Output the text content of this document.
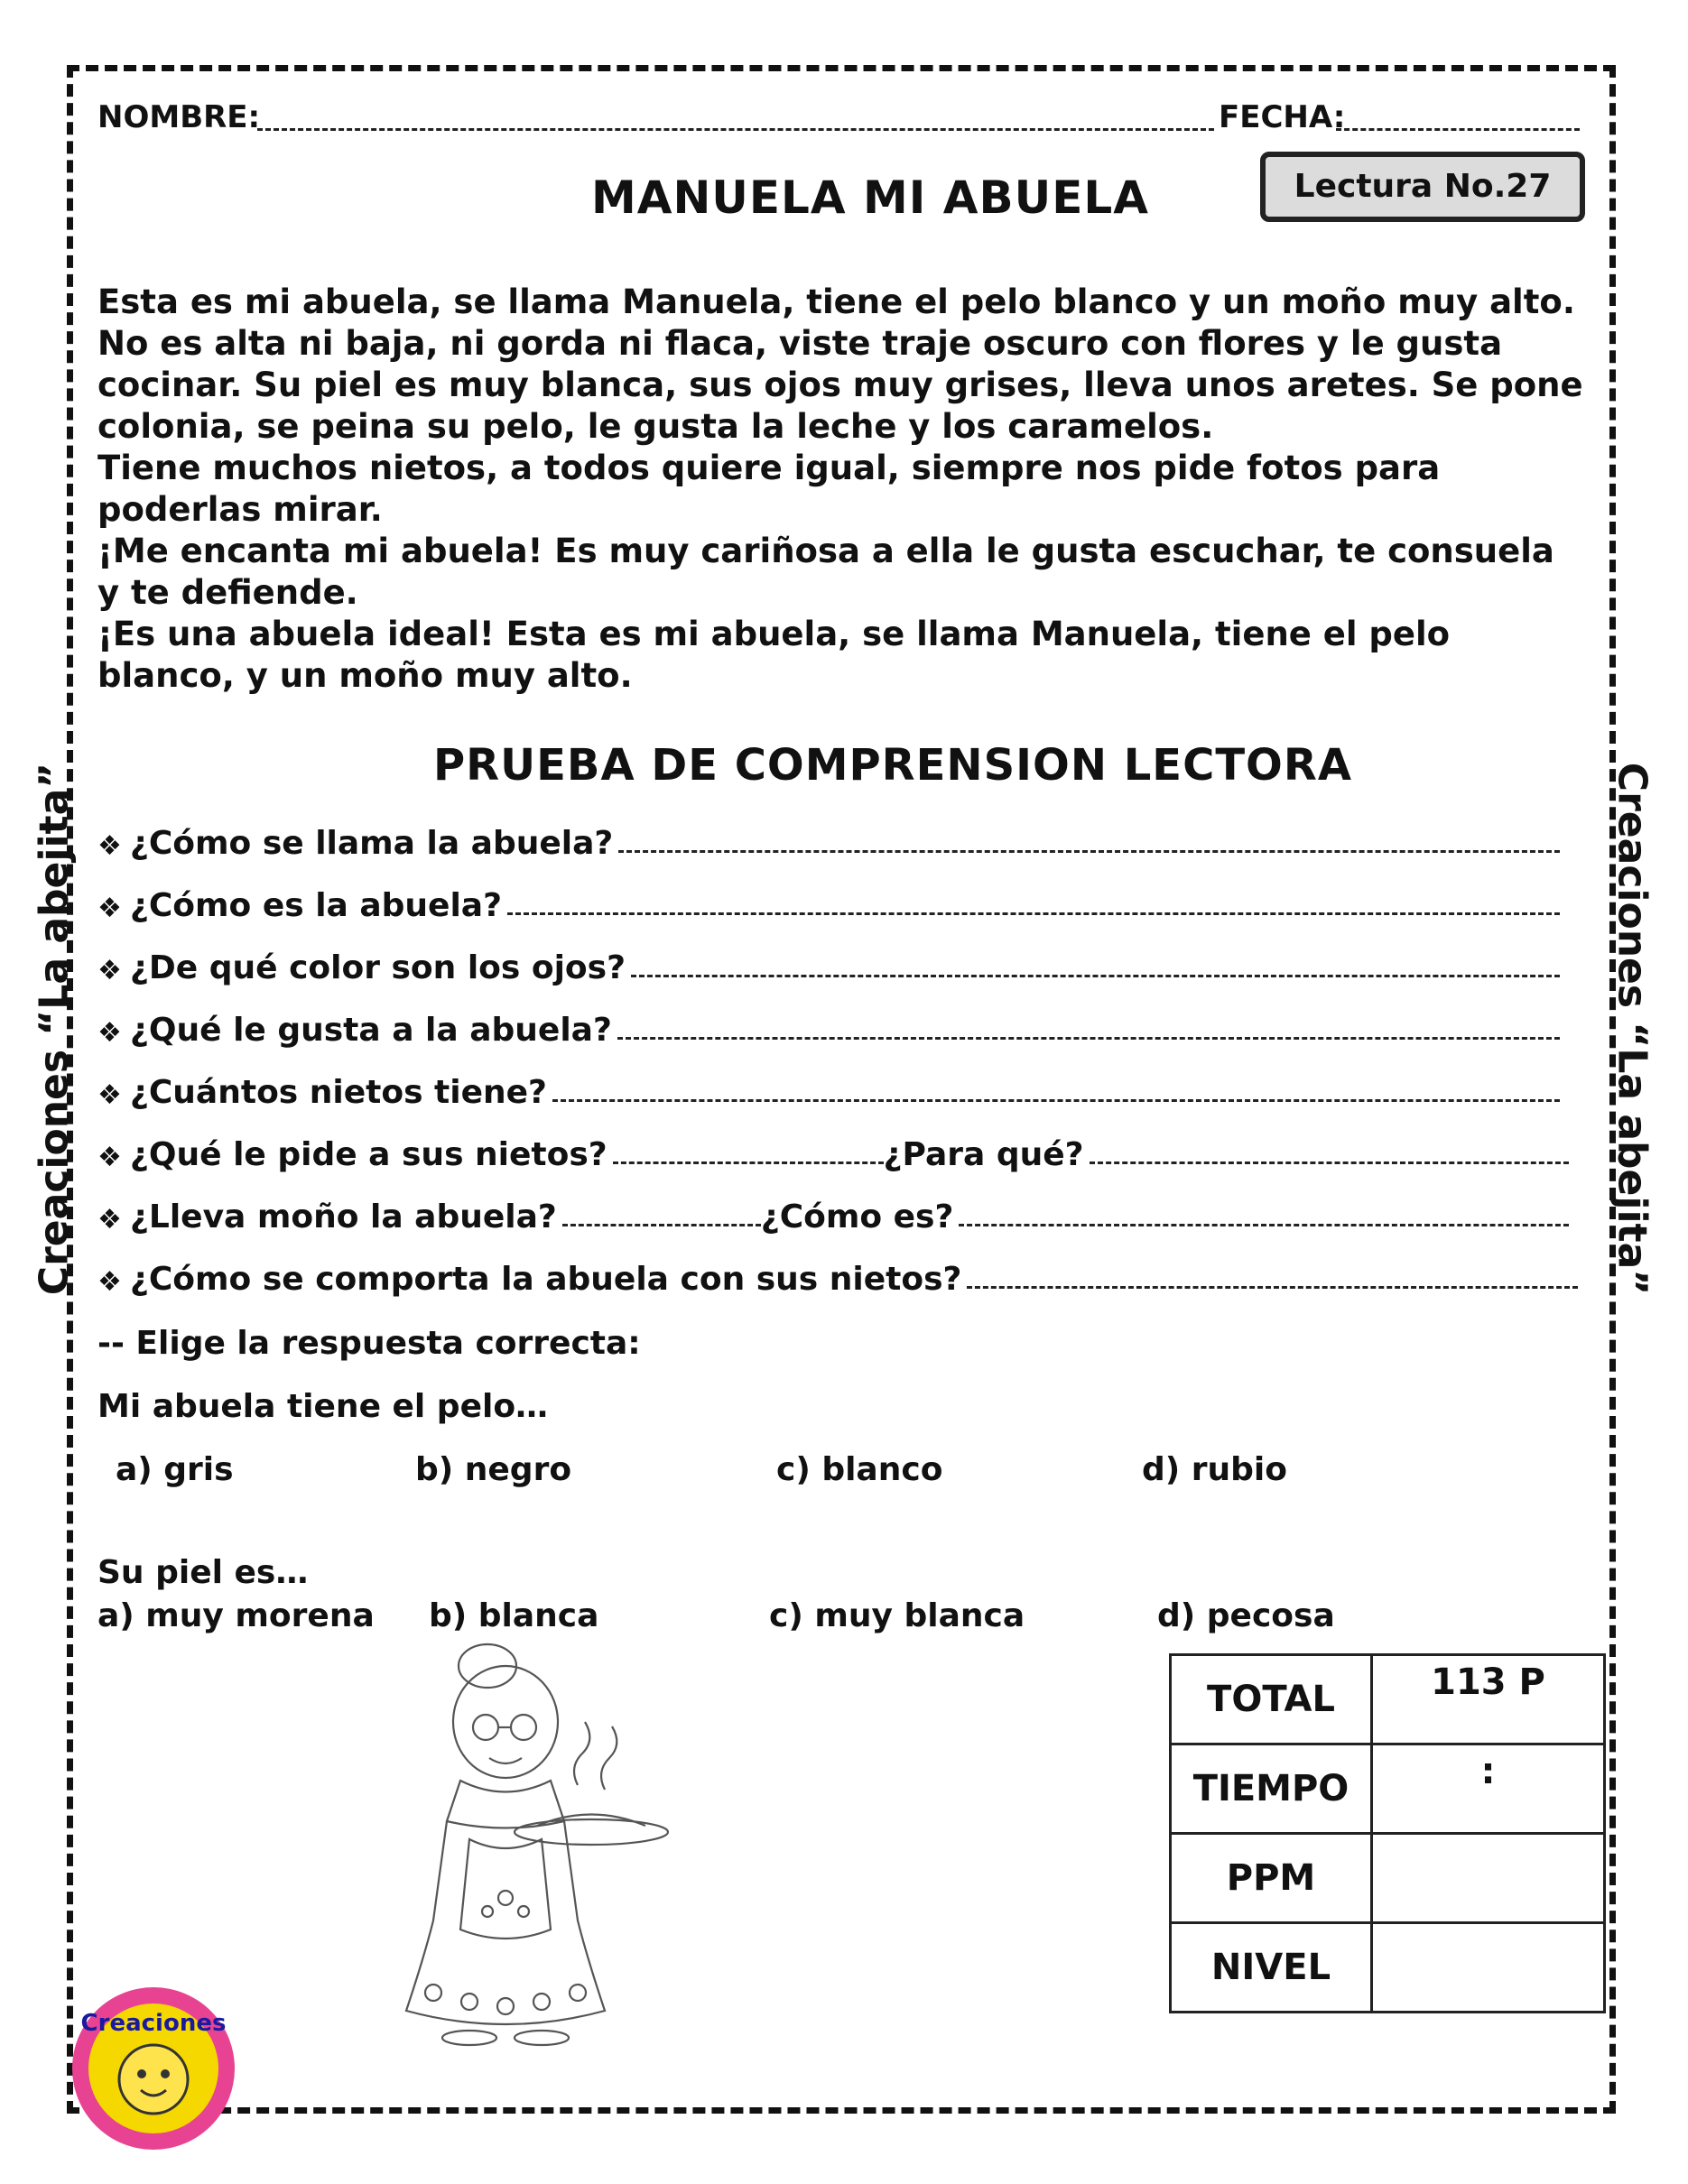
NOMBRE:	FECHA:
MANUELA MI ABUELA	Lectura No.27

Esta es mi abuela, se llama Manuela, tiene el pelo blanco y un moño muy alto. No es alta ni baja, ni gorda ni flaca, viste traje oscuro con flores y le gusta cocinar. Su piel es muy blanca, sus ojos muy grises, lleva unos aretes. Se pone colonia, se peina su pelo, le gusta la leche y los caramelos.

Tiene muchos nietos, a todos quiere igual, siempre nos pide fotos para poderlas mirar.

¡Me encanta mi abuela! Es muy cariñosa a ella le gusta escuchar, te consuela y te defiende.

¡Es una abuela ideal! Esta es mi abuela, se llama Manuela, tiene el pelo blanco, y un moño muy alto.

PRUEBA DE COMPRENSION LECTORA
❖ ¿Cómo se llama la abuela?
❖ ¿Cómo es la abuela?
❖ ¿De qué color son los ojos?
❖ ¿Qué le gusta a la abuela?
❖ ¿Cuántos nietos tiene?
❖ ¿Qué le pide a sus nietos?	¿Para qué?
❖ ¿Lleva moño la abuela?	¿Cómo es?
❖ ¿Cómo se comporta la abuela con sus nietos?
-- Elige la respuesta correcta:
Mi abuela tiene el pelo…
a) gris	b) negro	c) blanco	d) rubio
Su piel es…
a) muy morena b) blanca	c) muy blanca	d) pecosa
TOTAL	113 P
TIEMPO	:
PPM	
NIVEL	
Creaciones “La abejita”	Creaciones “La abejita”
Creaciones
